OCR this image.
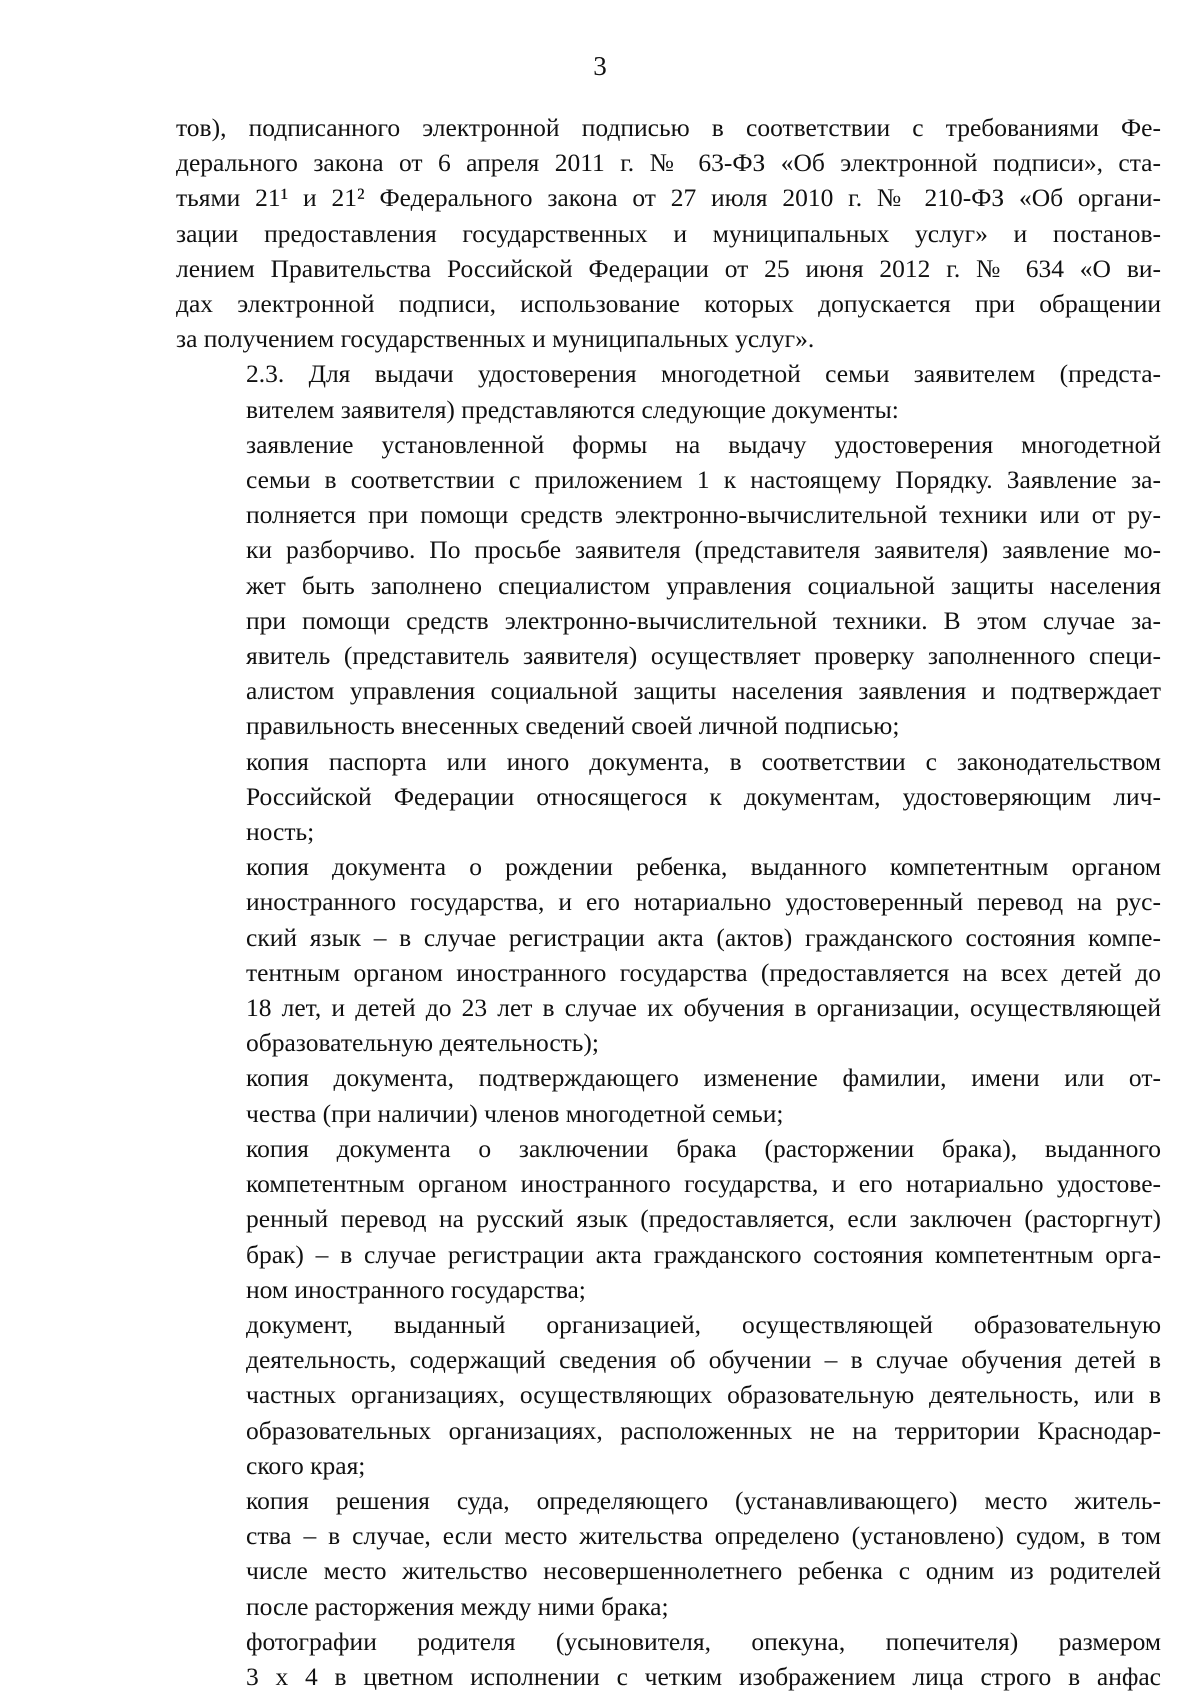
3

тов), подписанного электронной подписью в соответствии с требованиями Фе-
дерального закона от 6 апреля 2011 г. № 63-ФЗ «Об электронной подписи», ста-
тьями 21¹ и 21² Федерального закона от 27 июля 2010 г. № 210-ФЗ «Об органи-
зации предоставления государственных и муниципальных услуг» и постанов-
лением Правительства Российской Федерации от 25 июня 2012 г. № 634 «О ви-
дах электронной подписи, использование которых допускается при обращении
за получением государственных и муниципальных услуг».

2.3. Для выдачи удостоверения многодетной семьи заявителем (предста-
вителем заявителя) представляются следующие документы:

заявление установленной формы на выдачу удостоверения многодетной
семьи в соответствии с приложением 1 к настоящему Порядку. Заявление за-
полняется при помощи средств электронно-вычислительной техники или от ру-
ки разборчиво. По просьбе заявителя (представителя заявителя) заявление мо-
жет быть заполнено специалистом управления социальной защиты населения
при помощи средств электронно-вычислительной техники. В этом случае за-
явитель (представитель заявителя) осуществляет проверку заполненного специ-
алистом управления социальной защиты населения заявления и подтверждает
правильность внесенных сведений своей личной подписью;

копия паспорта или иного документа, в соответствии с законодательством
Российской Федерации относящегося к документам, удостоверяющим лич-
ность;

копия документа о рождении ребенка, выданного компетентным органом
иностранного государства, и его нотариально удостоверенный перевод на рус-
ский язык – в случае регистрации акта (актов) гражданского состояния компе-
тентным органом иностранного государства (предоставляется на всех детей до
18 лет, и детей до 23 лет в случае их обучения в организации, осуществляющей
образовательную деятельность);

копия документа, подтверждающего изменение фамилии, имени или от-
чества (при наличии) членов многодетной семьи;

копия документа о заключении брака (расторжении брака), выданного
компетентным органом иностранного государства, и его нотариально удостове-
ренный перевод на русский язык (предоставляется, если заключен (расторгнут)
брак) – в случае регистрации акта гражданского состояния компетентным орга-
ном иностранного государства;

документ, выданный организацией, осуществляющей образовательную
деятельность, содержащий сведения об обучении – в случае обучения детей в
частных организациях, осуществляющих образовательную деятельность, или в
образовательных организациях, расположенных не на территории Краснодар-
ского края;

копия решения суда, определяющего (устанавливающего) место житель-
ства – в случае, если место жительства определено (установлено) судом, в том
числе место жительство несовершеннолетнего ребенка с одним из родителей
после расторжения между ними брака;

фотографии родителя (усыновителя, опекуна, попечителя) размером
3 х 4 в цветном исполнении с четким изображением лица строго в анфас
